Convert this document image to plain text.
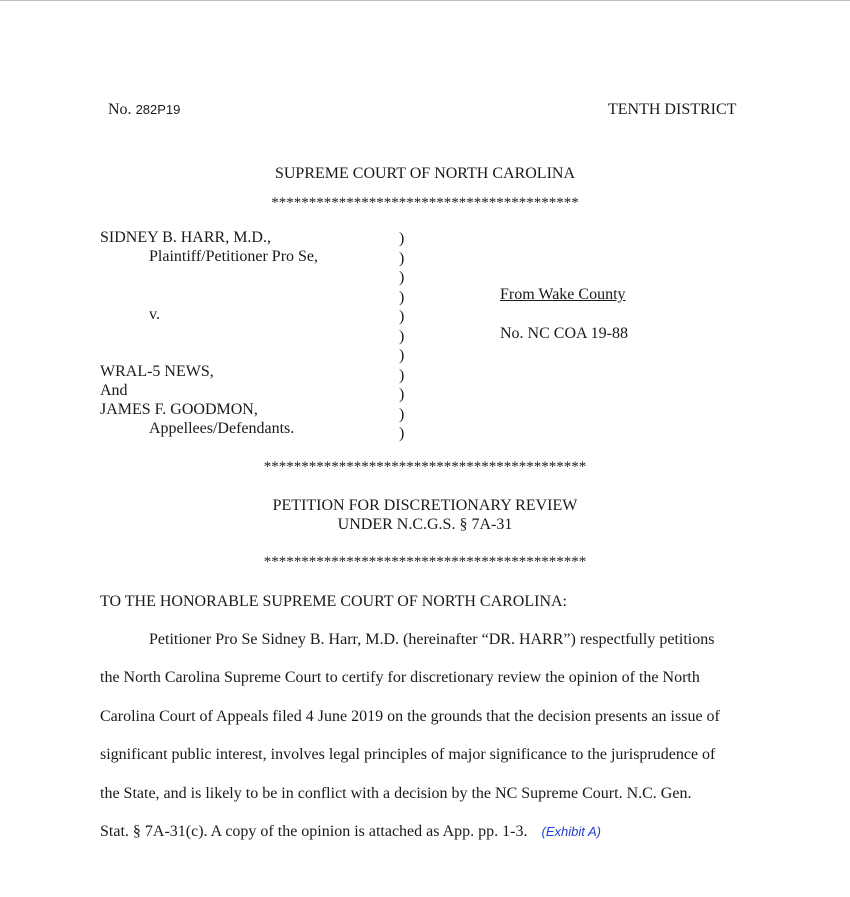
No. 282P19	TENTH DISTRICT
SUPREME COURT OF NORTH CAROLINA
*****************************************
SIDNEY B. HARR, M.D.,
Plaintiff/Petitioner Pro Se,
v.
WRAL-5 NEWS,
And
JAMES F. GOODMON,
Appellees/Defendants.
)
)
)
)
)
)
)
)
)
)
)
From Wake County
No. NC COA 19-88
*******************************************
PETITION FOR DISCRETIONARY REVIEW
UNDER N.C.G.S. § 7A-31
*******************************************
TO THE HONORABLE SUPREME COURT OF NORTH CAROLINA:
Petitioner Pro Se Sidney B. Harr, M.D. (hereinafter “DR. HARR”) respectfully petitions
the North Carolina Supreme Court to certify for discretionary review the opinion of the North
Carolina Court of Appeals filed 4 June 2019 on the grounds that the decision presents an issue of
significant public interest, involves legal principles of major significance to the jurisprudence of
the State, and is likely to be in conflict with a decision by the NC Supreme Court. N.C. Gen.
Stat. § 7A-31(c). A copy of the opinion is attached as App. pp. 1-3. (Exhibit A)
